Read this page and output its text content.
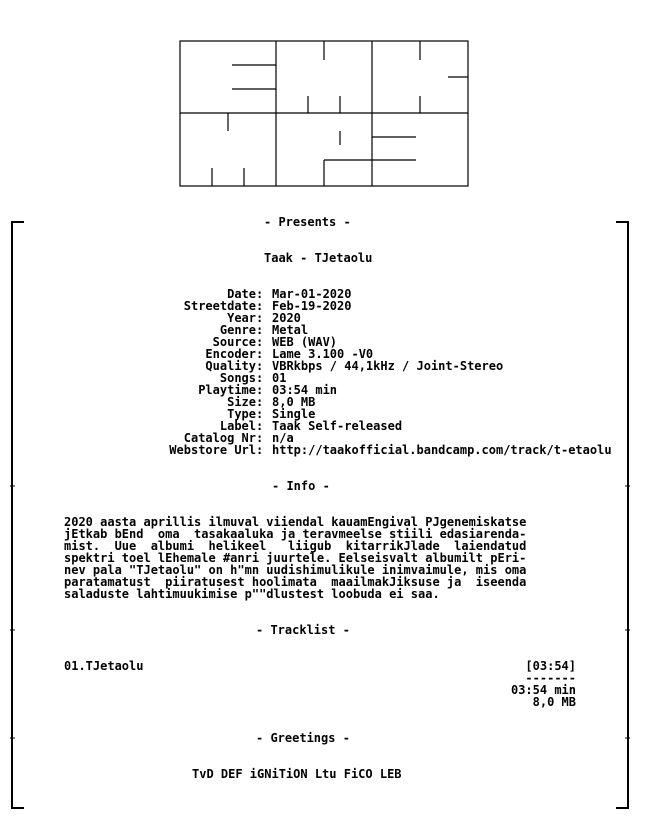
- Presents -
Taak - TJetaolu
Date : Mar-01-2020
Streetdate : Feb-19-2020
Year : 2020
Genre : Metal
Source : WEB (WAV)
Encoder : Lame 3.100 -V0
Quality : VBRkbps / 44,1kHz / Joint-Stereo
Songs : 01
Playtime : 03:54 min
Size : 8,0 MB
Type : Single
Label : Taak Self-released
Catalog Nr : n/a
Webstore Url : http://taakofficial.bandcamp.com/track/t-etaolu
- Info -
2020 aasta aprillis ilmuval viiendal kauamEngival PJgenemiskatse
jEtkab bEnd  oma  tasakaaluka ja teravmeelse stiili edasiarenda-
mist.  Uue  albumi  helikeel   liigub  kitarrikJlade  laiendatud
spektri toel lEhemale #anri juurtele. Eelseisvalt albumilt pEri-
nev pala "TJetaolu" on h"mn uudishimulikule inimvaimule, mis oma
paratamatust  piiratusest hoolimata  maailmakJiksuse ja  iseenda
saladuste lahtimuukimise p""dlustest loobuda ei saa.
- Tracklist -
01.TJetaolu	[03:54]
-------
03:54 min
8,0 MB
- Greetings -
TvD DEF iGNiTiON Ltu FiCO LEB
